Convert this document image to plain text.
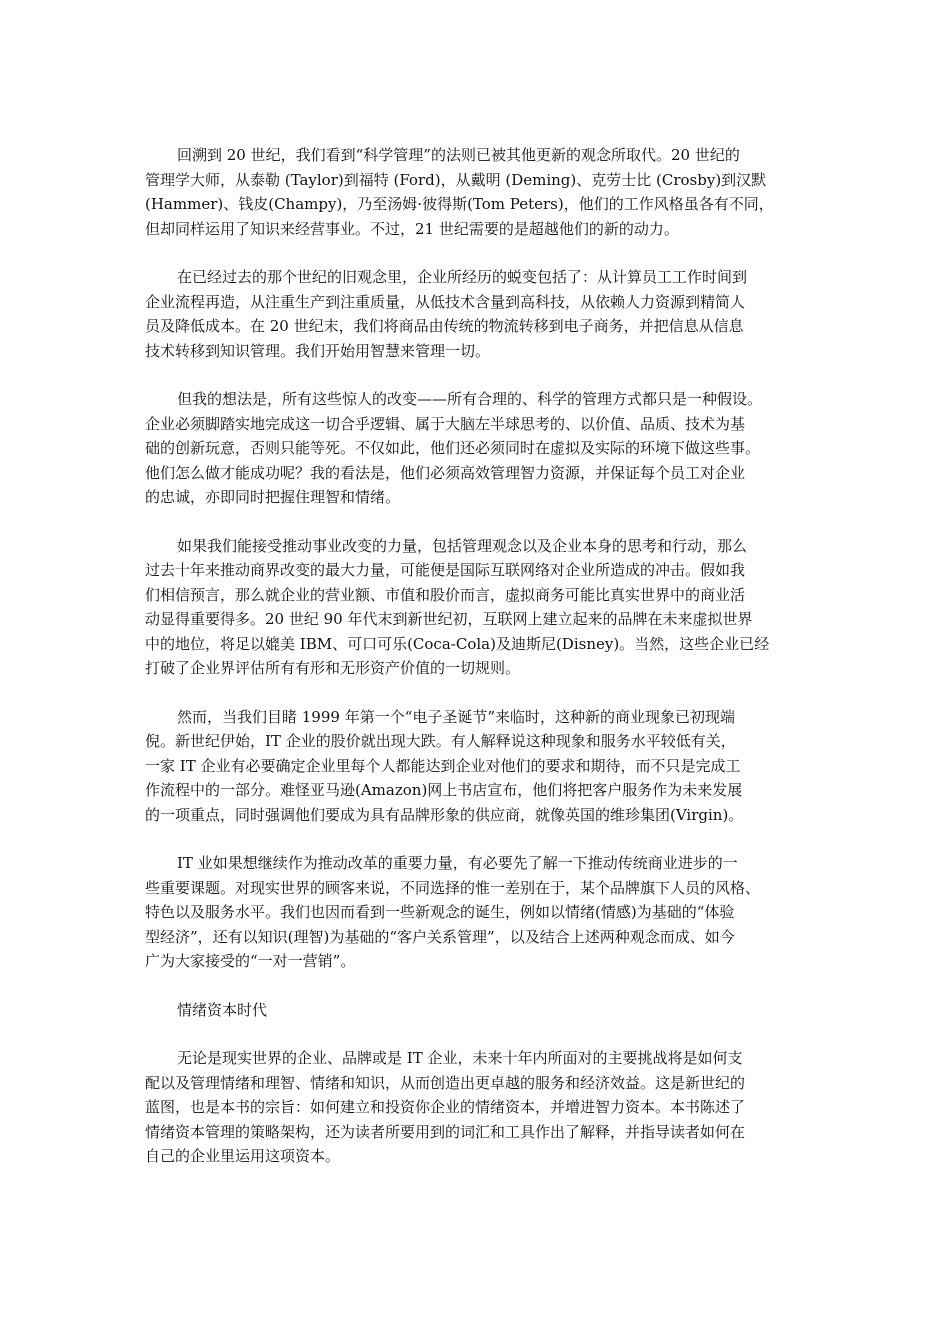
回溯到 20 世纪，我们看到“科学管理”的法则已被其他更新的观念所取代。20 世纪的
管理学大师，从泰勒 (Taylor)到福特 (Ford)，从戴明 (Deming)、克劳士比 (Crosby)到汉默
(Hammer)、钱皮(Champy)，乃至汤姆·彼得斯(Tom Peters)，他们的工作风格虽各有不同，
但却同样运用了知识来经营事业。不过，21 世纪需要的是超越他们的新的动力。
在已经过去的那个世纪的旧观念里，企业所经历的蜕变包括了：从计算员工工作时间到
企业流程再造，从注重生产到注重质量，从低技术含量到高科技，从依赖人力资源到精简人
员及降低成本。在 20 世纪末，我们将商品由传统的物流转移到电子商务，并把信息从信息
技术转移到知识管理。我们开始用智慧来管理一切。
但我的想法是，所有这些惊人的改变——所有合理的、科学的管理方式都只是一种假设。
企业必须脚踏实地完成这一切合乎逻辑、属于大脑左半球思考的、以价值、品质、技术为基
础的创新玩意，否则只能等死。不仅如此，他们还必须同时在虚拟及实际的环境下做这些事。
他们怎么做才能成功呢？我的看法是，他们必须高效管理智力资源，并保证每个员工对企业
的忠诚，亦即同时把握住理智和情绪。
如果我们能接受推动事业改变的力量，包括管理观念以及企业本身的思考和行动，那么
过去十年来推动商界改变的最大力量，可能便是国际互联网络对企业所造成的冲击。假如我
们相信预言，那么就企业的营业额、市值和股价而言，虚拟商务可能比真实世界中的商业活
动显得重要得多。20 世纪 90 年代末到新世纪初，互联网上建立起来的品牌在未来虚拟世界
中的地位，将足以媲美 IBM、可口可乐(Coca-Cola)及迪斯尼(Disney)。当然，这些企业已经
打破了企业界评估所有有形和无形资产价值的一切规则。
然而，当我们目睹 1999 年第一个“电子圣诞节”来临时，这种新的商业现象已初现端
倪。新世纪伊始，IT 企业的股价就出现大跌。有人解释说这种现象和服务水平较低有关，
一家 IT 企业有必要确定企业里每个人都能达到企业对他们的要求和期待，而不只是完成工
作流程中的一部分。难怪亚马逊(Amazon)网上书店宣布，他们将把客户服务作为未来发展
的一项重点，同时强调他们要成为具有品牌形象的供应商，就像英国的维珍集团(Virgin)。
IT 业如果想继续作为推动改革的重要力量，有必要先了解一下推动传统商业进步的一
些重要课题。对现实世界的顾客来说，不同选择的惟一差别在于，某个品牌旗下人员的风格、
特色以及服务水平。我们也因而看到一些新观念的诞生，例如以情绪(情感)为基础的“体验
型经济”，还有以知识(理智)为基础的“客户关系管理”，以及结合上述两种观念而成、如今
广为大家接受的“一对一营销”。
情绪资本时代
无论是现实世界的企业、品牌或是 IT 企业，未来十年内所面对的主要挑战将是如何支
配以及管理情绪和理智、情绪和知识，从而创造出更卓越的服务和经济效益。这是新世纪的
蓝图，也是本书的宗旨：如何建立和投资你企业的情绪资本，并增进智力资本。本书陈述了
情绪资本管理的策略架构，还为读者所要用到的词汇和工具作出了解释，并指导读者如何在
自己的企业里运用这项资本。
